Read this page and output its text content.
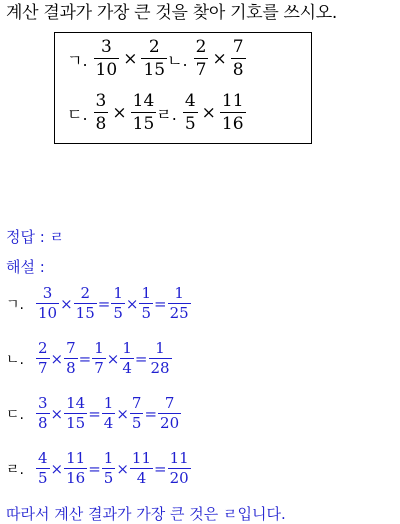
계산 결과가 가장 큰 것을 찾아 기호를 쓰시오.
ㄱ. $\frac{3}{10} \times \frac{2}{15}$ ㄴ. $\frac{2}{7} \times \frac{7}{8}$
ㄷ. $\frac{3}{8} \times \frac{14}{15}$ ㄹ. $\frac{4}{5} \times \frac{11}{16}$
정답 : ㄹ
해설 :
ㄱ. $\frac{3}{10} \times \frac{2}{15} = \frac{1}{5} \times \frac{1}{5} = \frac{1}{25}$
ㄴ. $\frac{2}{7} \times \frac{7}{8} = \frac{1}{7} \times \frac{1}{4} = \frac{1}{28}$
ㄷ. $\frac{3}{8} \times \frac{14}{15} = \frac{1}{4} \times \frac{7}{5} = \frac{7}{20}$
ㄹ. $\frac{4}{5} \times \frac{11}{16} = \frac{1}{5} \times \frac{11}{4} = \frac{11}{20}$
따라서 계산 결과가 가장 큰 것은 ㄹ입니다.
